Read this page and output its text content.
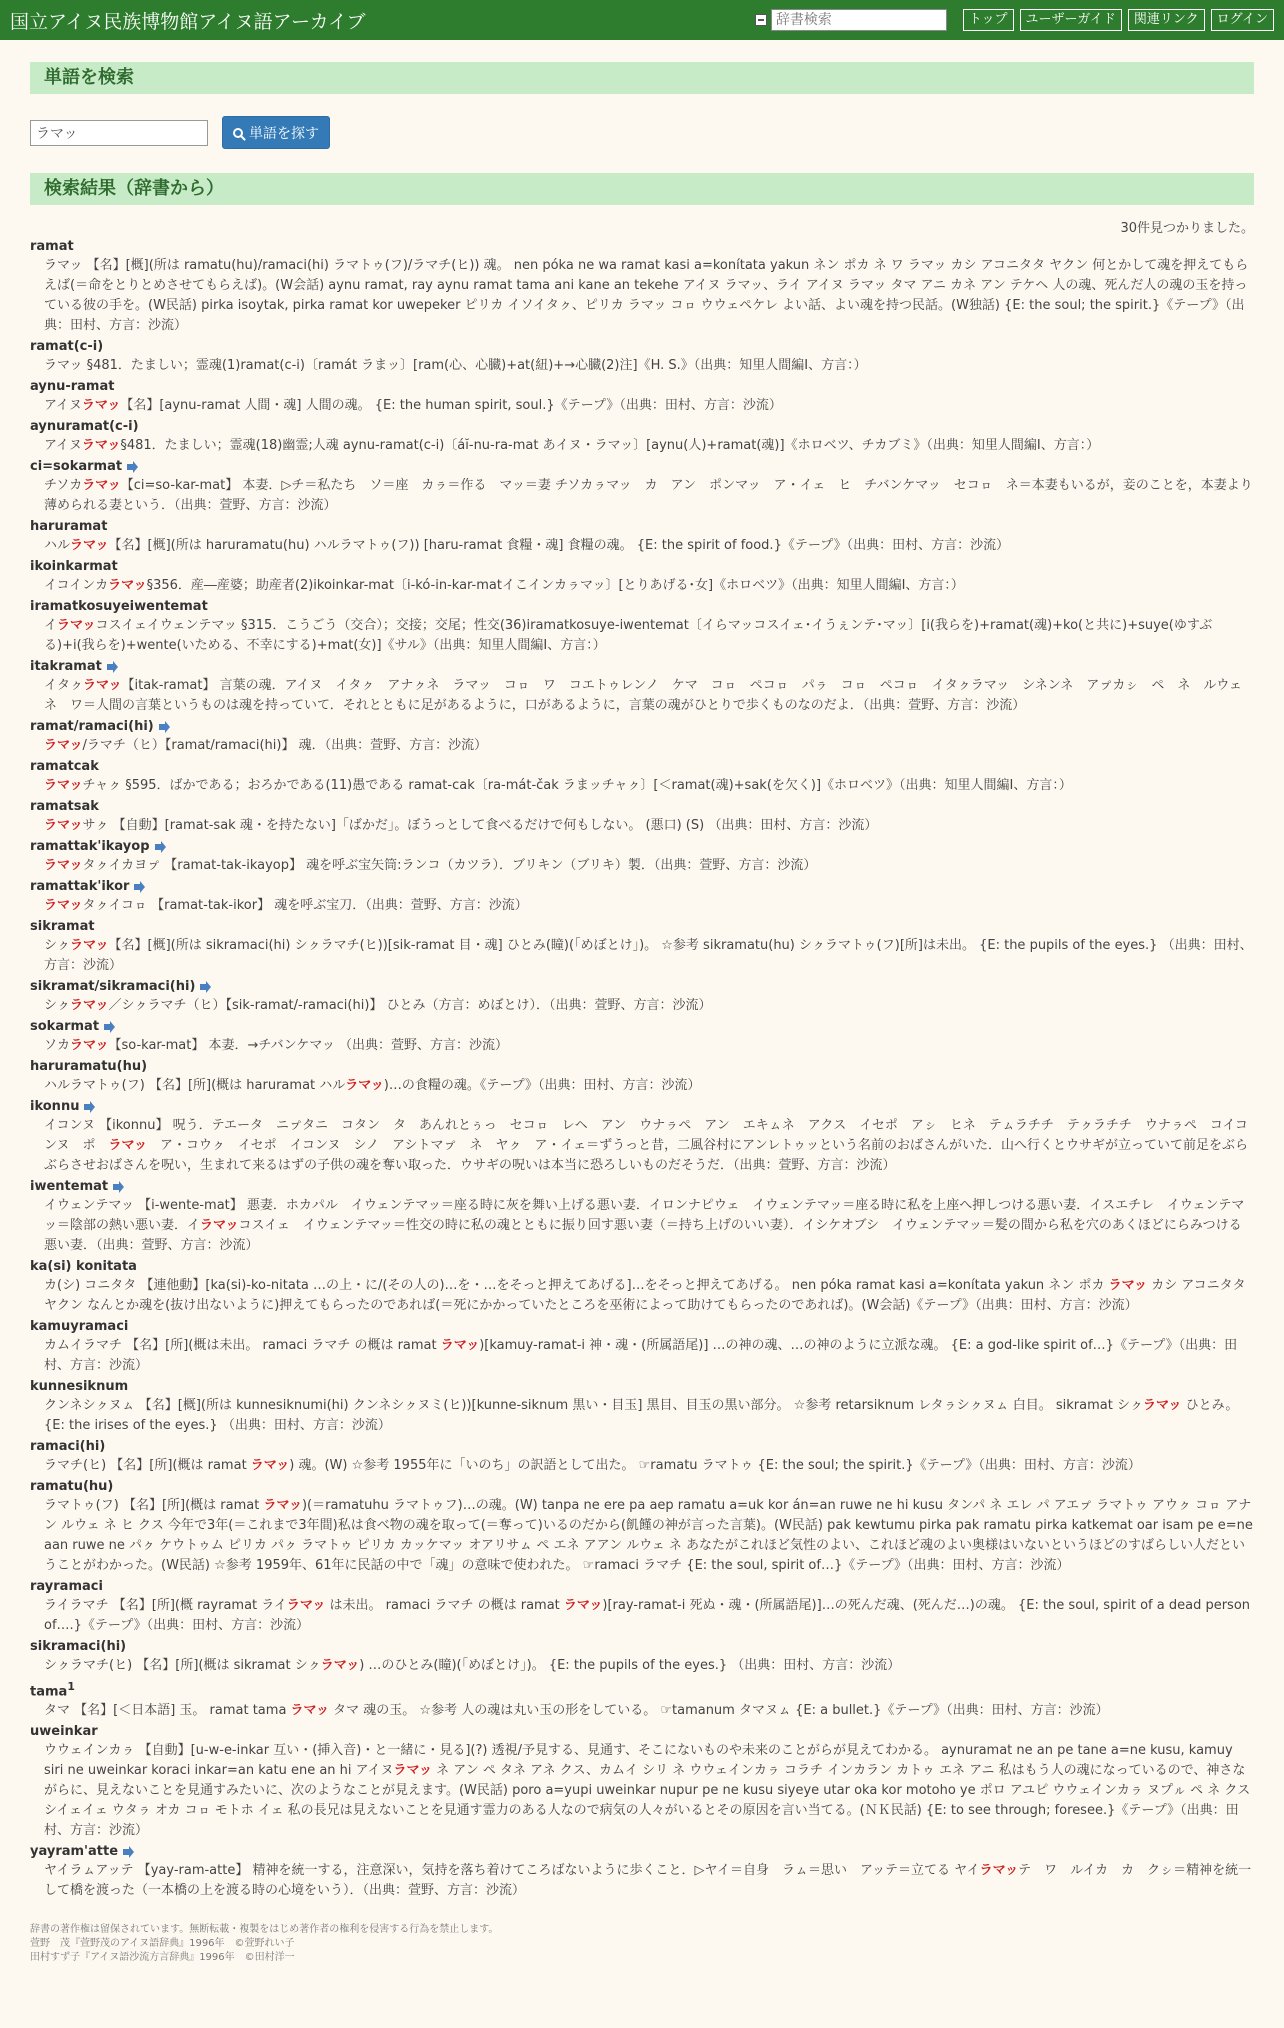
国立アイヌ民族博物館アイヌ語アーカイブ
辞書検索	トップ	ユーザーガイド	関連リンク	ログイン
単語を検索
ラマッ
単語を探す
検索結果（辞書から）
30件見つかりました。
ramat
ラマッ 【名】[概](所は ramatu(hu)/ramaci(hi) ラマトゥ(フ)/ラマチ(ヒ)) 魂。 nen póka ne wa ramat kasi a=konítata yakun ネン ポカ ネ ワ ラマッ カシ アコニタタ ヤクン 何とかして魂を押えてもらえば(＝命をとりとめさせてもらえば)。(W会話) aynu ramat, ray aynu ramat tama ani kane an tekehe アイヌ ラマッ、ライ アイヌ ラマッ タマ アニ カネ アン テケヘ 人の魂、死んだ人の魂の玉を持っている彼の手を。(W民話) pirka isoytak, pirka ramat kor uwepeker ピリカ イソイタㇰ、ピリカ ラマッ コㇿ ウウェペケレ よい話、よい魂を持つ民話。(W独話) {E: the soul; the spirit.}《テープ》（出典：田村、方言：沙流）
ramat(c-i)
ラマッ §481．たましい；霊魂(1)ramat(c-i)〔ramát ラまッ〕[ram(心、心臓)+at(紐)+→心臓(2)注]《H. S.》（出典：知里人間編I、方言：）
aynu-ramat
アイヌラマッ【名】[aynu-ramat 人間・魂] 人間の魂。 {E: the human spirit, soul.}《テープ》（出典：田村、方言：沙流）
aynuramat(c-i)
アイヌラマッ§481．たましい；霊魂(18)幽霊;人魂 aynu-ramat(c-i)〔áĭ-nu-ra-mat あイヌ・ラマッ〕[aynu(人)+ramat(魂)]《ホロベツ、チカブミ》（出典：知里人間編I、方言：）
ci=sokarmat
チソカラマッ【ci=so-kar-mat】 本妻．▷チ＝私たち　ソ＝座　カㇻ＝作る　マッ＝妻 チソカㇻマッ　カ　アン　ポンマッ　ア・イェ　ヒ　チバンケマッ　セコㇿ　ネ＝本妻もいるが，妾のことを，本妻より薄められる妻という．（出典：萱野、方言：沙流）
haruramat
ハルラマッ【名】[概](所は haruramatu(hu) ハルラマトゥ(フ)) [haru-ramat 食糧・魂] 食糧の魂。 {E: the spirit of food.}《テープ》（出典：田村、方言：沙流）
ikoinkarmat
イコインカラマッ§356．産―産婆；助産者(2)ikoinkar-mat〔i-kó-in-kar-matイこインカㇻマッ〕[とりあげる･女]《ホロベツ》（出典：知里人間編I、方言：）
iramatkosuyeiwentemat
イラマッコスイェイウェンテマッ §315．こうごう（交合）；交接；交尾；性交(36)iramatkosuye-iwentemat〔イらマッコスイェ･イうぇンテ･マッ〕[i(我らを)+ramat(魂)+ko(と共に)+suye(ゆすぶる)+i(我らを)+wente(いためる、不幸にする)+mat(女)]《サル》（出典：知里人間編I、方言：）
itakramat
イタㇰラマッ【itak-ramat】 言葉の魂．アイヌ　イタㇰ　アナㇰネ　ラマッ　コㇿ　ワ　コエトゥレンノ　ケマ　コㇿ　ペコㇿ　パㇻ　コㇿ　ペコㇿ　イタㇰラマッ　シネンネ　アㇷ゚カㇱ　ペ　ネ　ルウェ　ネ　ワ＝人間の言葉というものは魂を持っていて．それとともに足があるように，口があるように，言葉の魂がひとりで歩くものなのだよ．（出典：萱野、方言：沙流）
ramat/ramaci(hi)
ラマッ/ラマチ（ヒ）【ramat/ramaci(hi)】 魂．（出典：萱野、方言：沙流）
ramatcak
ラマッチャㇰ §595．ばかである；おろかである(11)愚である ramat-cak〔ra-mát-čak ラまッチャㇰ〕[＜ramat(魂)+sak(を欠く)]《ホロベツ》（出典：知里人間編I、方言：）
ramatsak
ラマッサㇰ 【自動】[ramat-sak 魂・を持たない]「ばかだ」。ぼうっとして食べるだけで何もしない。 (悪口) (S) （出典：田村、方言：沙流）
ramattak'ikayop
ラマッタㇰイカヨㇷ゚ 【ramat-tak-ikayop】 魂を呼ぶ宝矢筒:ランコ（カツラ）．ブリキン（ブリキ）製．（出典：萱野、方言：沙流）
ramattak'ikor
ラマッタㇰイコㇿ 【ramat-tak-ikor】 魂を呼ぶ宝刀．（出典：萱野、方言：沙流）
sikramat
シㇰラマッ【名】[概](所は sikramaci(hi) シㇰラマチ(ヒ))[sik-ramat 目・魂] ひとみ(瞳)(「めぼとけ」)。 ☆参考 sikramatu(hu) シㇰラマトゥ(フ)[所]は未出。 {E: the pupils of the eyes.} （出典：田村、方言：沙流）
sikramat/sikramaci(hi)
シㇰラマッ／シㇰラマチ（ヒ）【sik-ramat/-ramaci(hi)】 ひとみ（方言：めぼとけ）．（出典：萱野、方言：沙流）
sokarmat
ソカラマッ【so-kar-mat】 本妻．→チバンケマッ （出典：萱野、方言：沙流）
haruramatu(hu)
ハルラマトゥ(フ) 【名】[所](概は haruramat ハルラマッ)…の食糧の魂。《テープ》（出典：田村、方言：沙流）
ikonnu
イコンヌ 【ikonnu】 呪う．テエータ　ニㇷ゚タニ　コタン　タ　あんれとぅっ　セコㇿ　レヘ　アン　ウナㇻペ　アン　エキㇺネ　アクス　イセポ　アㇱ　ヒネ　テㇺラチチ　テㇰラチチ　ウナㇻペ　コイコンヌ　ポ　ラマッ　ア・コウㇰ　イセポ　イコンヌ　シノ　アシトマㇷ゚　ネ　ヤㇰ　ア・イェ＝ずうっと昔，二風谷村にアンレトゥッという名前のおばさんがいた．山へ行くとウサギが立っていて前足をぶらぶらさせおばさんを呪い，生まれて来るはずの子供の魂を奪い取った．ウサギの呪いは本当に恐ろしいものだそうだ．（出典：萱野、方言：沙流）
iwentemat
イウェンテマッ 【i-wente-mat】 悪妻．ホカパル　イウェンテマッ＝座る時に灰を舞い上げる悪い妻．イロンナピウェ　イウェンテマッ＝座る時に私を上座へ押しつける悪い妻．イスエチレ　イウェンテマッ＝陰部の熱い悪い妻．イラマッコスイェ　イウェンテマッ＝性交の時に私の魂とともに振り回す悪い妻（＝持ち上げのいい妻）．イシケオブシ　イウェンテマッ＝髪の間から私を穴のあくほどにらみつける悪い妻．（出典：萱野、方言：沙流）
ka(si) konitata
カ(シ) コニタタ 【連他動】[ka(si)-ko-nitata …の上・に/(その人の)…を・…をそっと押えてあげる]…をそっと押えてあげる。 nen póka ramat kasi a=konítata yakun ネン ポカ ラマッ カシ アコニタタ ヤクン なんとか魂を(抜け出ないように)押えてもらったのであれば(＝死にかかっていたところを巫術によって助けてもらったのであれば)。(W会話)《テープ》（出典：田村、方言：沙流）
kamuyramaci
カムイラマチ 【名】[所](概は未出。 ramaci ラマチ の概は ramat ラマッ)[kamuy-ramat-i 神・魂・(所属語尾)] …の神の魂、…の神のように立派な魂。 {E: a god-like spirit of…}《テープ》（出典：田村、方言：沙流）
kunnesiknum
クンネシㇰヌㇺ 【名】[概](所は kunnesiknumi(hi) クンネシㇰヌミ(ヒ))[kunne-siknum 黒い・目玉] 黒目、目玉の黒い部分。 ☆参考 retarsiknum レタㇻシㇰヌㇺ 白目。 sikramat シㇰラマッ ひとみ。 {E: the irises of the eyes.} （出典：田村、方言：沙流）
ramaci(hi)
ラマチ(ヒ) 【名】[所](概は ramat ラマッ) 魂。(W) ☆参考 1955年に「いのち」の訳語として出た。 ☞ramatu ラマトゥ {E: the soul; the spirit.}《テープ》（出典：田村、方言：沙流）
ramatu(hu)
ラマトゥ(フ) 【名】[所](概は ramat ラマッ)(＝ramatuhu ラマトゥフ)…の魂。(W) tanpa ne ere pa aep ramatu a=uk kor án=an ruwe ne hi kusu タンパ ネ エレ パ アエㇷ゚ ラマトゥ アウㇰ コㇿ アナン ルウェ ネ ヒ クス 今年で3年(＝これまで3年間)私は食べ物の魂を取って(＝奪って)いるのだから(飢饉の神が言った言葉)。(W民話) pak kewtumu pirka pak ramatu pirka katkemat oar isam pe e=ne aan ruwe ne パㇰ ケウトゥム ピリカ パㇰ ラマトゥ ピリカ カッケマッ オアリサㇺ ペ エネ アアン ルウェ ネ あなたがこれほど気性のよい、これほど魂のよい奥様はいないというほどのすばらしい人だということがわかった。(W民話) ☆参考 1959年、61年に民話の中で「魂」の意味で使われた。 ☞ramaci ラマチ {E: the soul, spirit of…}《テープ》（出典：田村、方言：沙流）
rayramaci
ライラマチ 【名】[所](概 rayramat ライラマッ は未出。 ramaci ラマチ の概は ramat ラマッ)[ray-ramat-i 死ぬ・魂・(所属語尾)]…の死んだ魂、(死んだ…)の魂。 {E: the soul, spirit of a dead person of….}《テープ》（出典：田村、方言：沙流）
sikramaci(hi)
シㇰラマチ(ヒ) 【名】[所](概は sikramat シㇰラマッ) …のひとみ(瞳)(「めぼとけ」)。 {E: the pupils of the eyes.} （出典：田村、方言：沙流）
tama$^1$
タマ 【名】[＜日本語] 玉。 ramat tama ラマッ タマ 魂の玉。 ☆参考 人の魂は丸い玉の形をしている。 ☞tamanum タマヌㇺ {E: a bullet.}《テープ》（出典：田村、方言：沙流）
uweinkar
ウウェインカㇻ 【自動】[u-w-e-inkar 互い・(挿入音)・と一緒に・見る](?) 透視/予見する、見通す、そこにないものや未来のことがらが見えてわかる。 aynuramat ne an pe tane a=ne kusu, kamuy siri ne uweinkar koraci inkar=an katu ene an hi アイヌラマッ ネ アン ペ タネ アネ クス、カムイ シリ ネ ウウェインカㇻ コラチ インカラン カトゥ エネ アニ 私はもう人の魂になっているので、神さながらに、見えないことを見通すみたいに、次のようなことが見えます。(W民話) poro a=yupi uweinkar nupur pe ne kusu siyeye utar oka kor motoho ye ポロ アユピ ウウェインカㇻ ヌプㇽ ペ ネ クス シイェイェ ウタㇻ オカ コㇿ モトホ イェ 私の長兄は見えないことを見通す霊力のある人なので病気の人々がいるとその原因を言い当てる。(ＮＫ民話) {E: to see through; foresee.}《テープ》（出典：田村、方言：沙流）
yayram'atte
ヤイラㇺアッテ 【yay-ram-atte】 精神を統一する，注意深い，気持を落ち着けてころばないように歩くこと．▷ヤイ＝自身　ラㇺ＝思い　アッテ＝立てる ヤイラマッテ　ワ　ルイカ　カ　クㇱ＝精神を統一して橋を渡った（一本橋の上を渡る時の心境をいう）．（出典：萱野、方言：沙流）
辞書の著作権は留保されています。無断転載・複製をはじめ著作者の権利を侵害する行為を禁止します。
萱野　茂『萱野茂のアイヌ語辞典』1996年　©萱野れい子
田村すず子『アイヌ語沙流方言辞典』1996年　©田村洋一
